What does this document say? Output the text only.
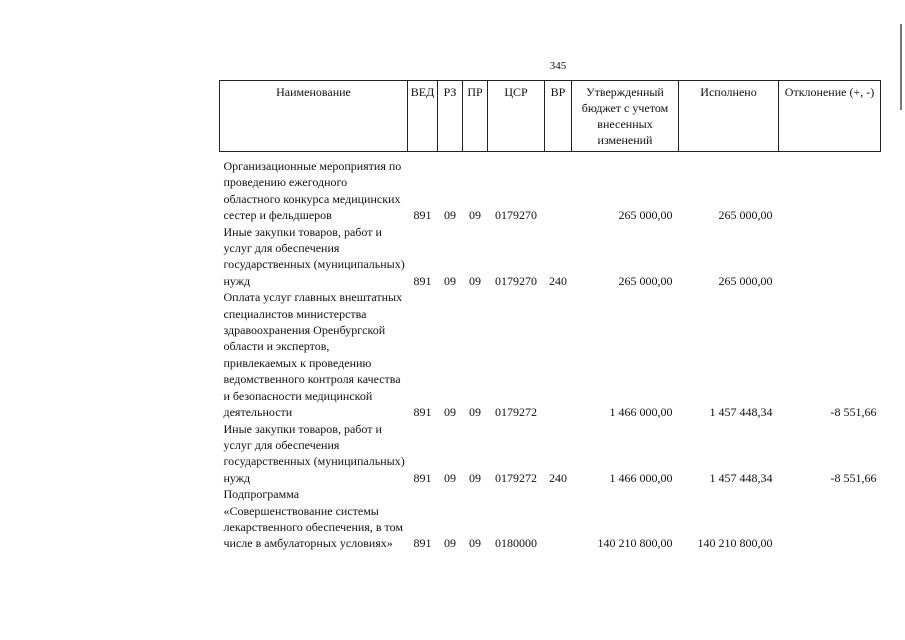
345
Наименование	ВЕД	РЗ	ПР	ЦСР	ВР	Утвержденный бюджет с учетом внесенных изменений	Исполнено	Отклонение (+, -)
Организационные мероприятия по проведению ежегодного областного конкурса медицинских сестер и фельдшеров	891	09	09	0179270		265 000,00	265 000,00	
Иные закупки товаров, работ и услуг для обеспечения государственных (муниципальных) нужд	891	09	09	0179270	240	265 000,00	265 000,00	
Оплата услуг главных внештатных специалистов министерства здравоохранения Оренбургской области и экспертов, привлекаемых к проведению ведомственного контроля качества и безопасности медицинской деятельности	891	09	09	0179272		1 466 000,00	1 457 448,34	-8 551,66
Иные закупки товаров, работ и услуг для обеспечения государственных (муниципальных) нужд	891	09	09	0179272	240	1 466 000,00	1 457 448,34	-8 551,66
Подпрограмма «Совершенствование системы лекарственного обеспечения, в том числе в амбулаторных условиях»	891	09	09	0180000		140 210 800,00	140 210 800,00	
